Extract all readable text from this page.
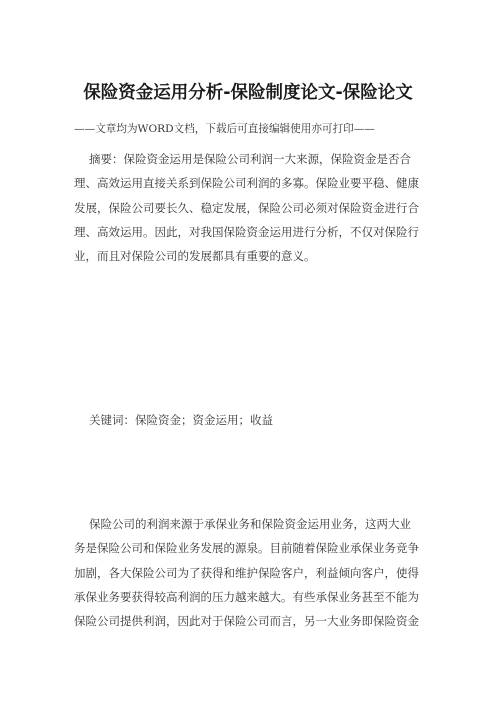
保险资金运用分析-保险制度论文-保险论文
——文章均为WORD文档，下载后可直接编辑使用亦可打印——
摘要：保险资金运用是保险公司利润一大来源，保险资金是否合
理、高效运用直接关系到保险公司利润的多寡。保险业要平稳、健康
发展，保险公司要长久、稳定发展，保险公司必须对保险资金进行合
理、高效运用。因此，对我国保险资金运用进行分析，不仅对保险行
业，而且对保险公司的发展都具有重要的意义。
关键词：保险资金；资金运用；收益
保险公司的利润来源于承保业务和保险资金运用业务，这两大业
务是保险公司和保险业务发展的源泉。目前随着保险业承保业务竞争
加剧，各大保险公司为了获得和维护保险客户，利益倾向客户，使得
承保业务要获得较高利润的压力越来越大。有些承保业务甚至不能为
保险公司提供利润，因此对于保险公司而言，另一大业务即保险资金
